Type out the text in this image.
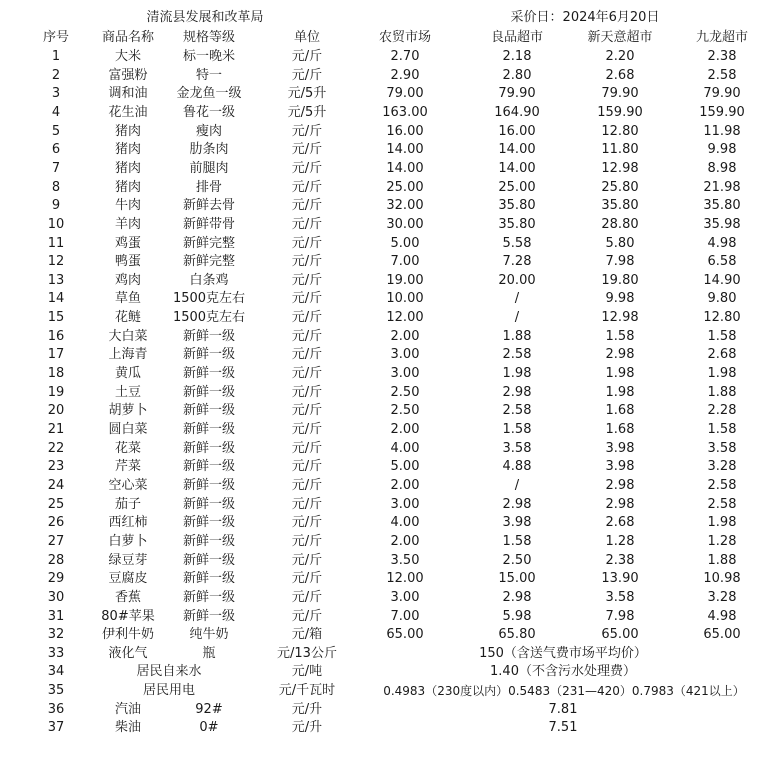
清流县发展和改革局	采价日：2024年6月20日
序号	商品名称	规格等级	单位	农贸市场	良品超市	新天意超市	九龙超市
1	大米	标一晚米	元/斤	2.70	2.18	2.20	2.38
2	富强粉	特一	元/斤	2.90	2.80	2.68	2.58
3	调和油	金龙鱼一级	元/5升	79.00	79.90	79.90	79.90
4	花生油	鲁花一级	元/5升	163.00	164.90	159.90	159.90
5	猪肉	瘦肉	元/斤	16.00	16.00	12.80	11.98
6	猪肉	肋条肉	元/斤	14.00	14.00	11.80	9.98
7	猪肉	前腿肉	元/斤	14.00	14.00	12.98	8.98
8	猪肉	排骨	元/斤	25.00	25.00	25.80	21.98
9	牛肉	新鲜去骨	元/斤	32.00	35.80	35.80	35.80
10	羊肉	新鲜带骨	元/斤	30.00	35.80	28.80	35.98
11	鸡蛋	新鲜完整	元/斤	5.00	5.58	5.80	4.98
12	鸭蛋	新鲜完整	元/斤	7.00	7.28	7.98	6.58
13	鸡肉	白条鸡	元/斤	19.00	20.00	19.80	14.90
14	草鱼	1500克左右	元/斤	10.00	/	9.98	9.80
15	花鲢	1500克左右	元/斤	12.00	/	12.98	12.80
16	大白菜	新鲜一级	元/斤	2.00	1.88	1.58	1.58
17	上海青	新鲜一级	元/斤	3.00	2.58	2.98	2.68
18	黄瓜	新鲜一级	元/斤	3.00	1.98	1.98	1.98
19	土豆	新鲜一级	元/斤	2.50	2.98	1.98	1.88
20	胡萝卜	新鲜一级	元/斤	2.50	2.58	1.68	2.28
21	圆白菜	新鲜一级	元/斤	2.00	1.58	1.68	1.58
22	花菜	新鲜一级	元/斤	4.00	3.58	3.98	3.58
23	芹菜	新鲜一级	元/斤	5.00	4.88	3.98	3.28
24	空心菜	新鲜一级	元/斤	2.00	/	2.98	2.58
25	茄子	新鲜一级	元/斤	3.00	2.98	2.98	2.58
26	西红柿	新鲜一级	元/斤	4.00	3.98	2.68	1.98
27	白萝卜	新鲜一级	元/斤	2.00	1.58	1.28	1.28
28	绿豆芽	新鲜一级	元/斤	3.50	2.50	2.38	1.88
29	豆腐皮	新鲜一级	元/斤	12.00	15.00	13.90	10.98
30	香蕉	新鲜一级	元/斤	3.00	2.98	3.58	3.28
31	80#苹果	新鲜一级	元/斤	7.00	5.98	7.98	4.98
32	伊利牛奶	纯牛奶	元/箱	65.00	65.80	65.00	65.00
33	液化气	瓶	元/13公斤	150（含送气费市场平均价）
34	居民自来水	元/吨	1.40（不含污水处理费）
35	居民用电	元/千瓦时	0.4983（230度以内）0.5483（231—420）0.7983（421以上）
36	汽油	92#	元/升	7.81
37	柴油	0#	元/升	7.51
